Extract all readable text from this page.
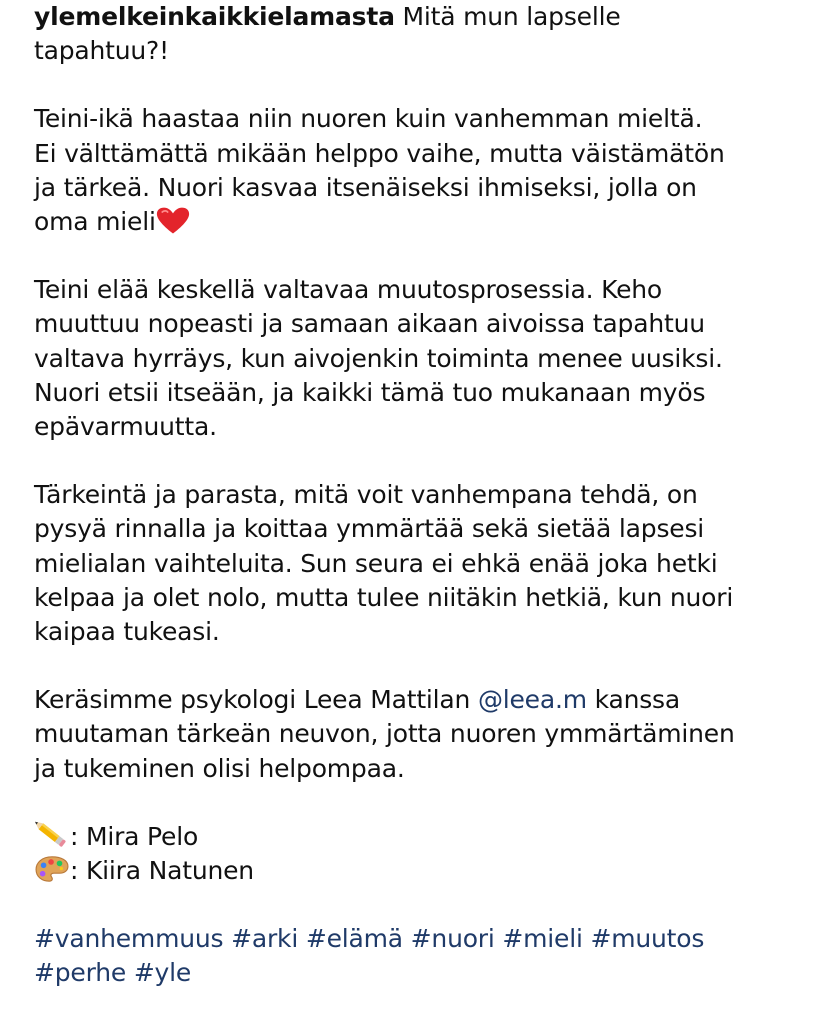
ylemelkeinkaikkielamasta Mitä mun lapselle
tapahtuu?!

Teini-ikä haastaa niin nuoren kuin vanhemman mieltä.
Ei välttämättä mikään helppo vaihe, mutta väistämätön
ja tärkeä. Nuori kasvaa itsenäiseksi ihmiseksi, jolla on
oma mieli

Teini elää keskellä valtavaa muutosprosessia. Keho
muuttuu nopeasti ja samaan aikaan aivoissa tapahtuu
valtava hyrräys, kun aivojenkin toiminta menee uusiksi.
Nuori etsii itseään, ja kaikki tämä tuo mukanaan myös
epävarmuutta.

Tärkeintä ja parasta, mitä voit vanhempana tehdä, on
pysyä rinnalla ja koittaa ymmärtää sekä sietää lapsesi
mielialan vaihteluita. Sun seura ei ehkä enää joka hetki
kelpaa ja olet nolo, mutta tulee niitäkin hetkiä, kun nuori
kaipaa tukeasi.

Keräsimme psykologi Leea Mattilan @leea.m kanssa
muutaman tärkeän neuvon, jotta nuoren ymmärtäminen
ja tukeminen olisi helpompaa.

: Mira Pelo
: Kiira Natunen

#vanhemmuus #arki #elämä #nuori #mieli #muutos
#perhe #yle
